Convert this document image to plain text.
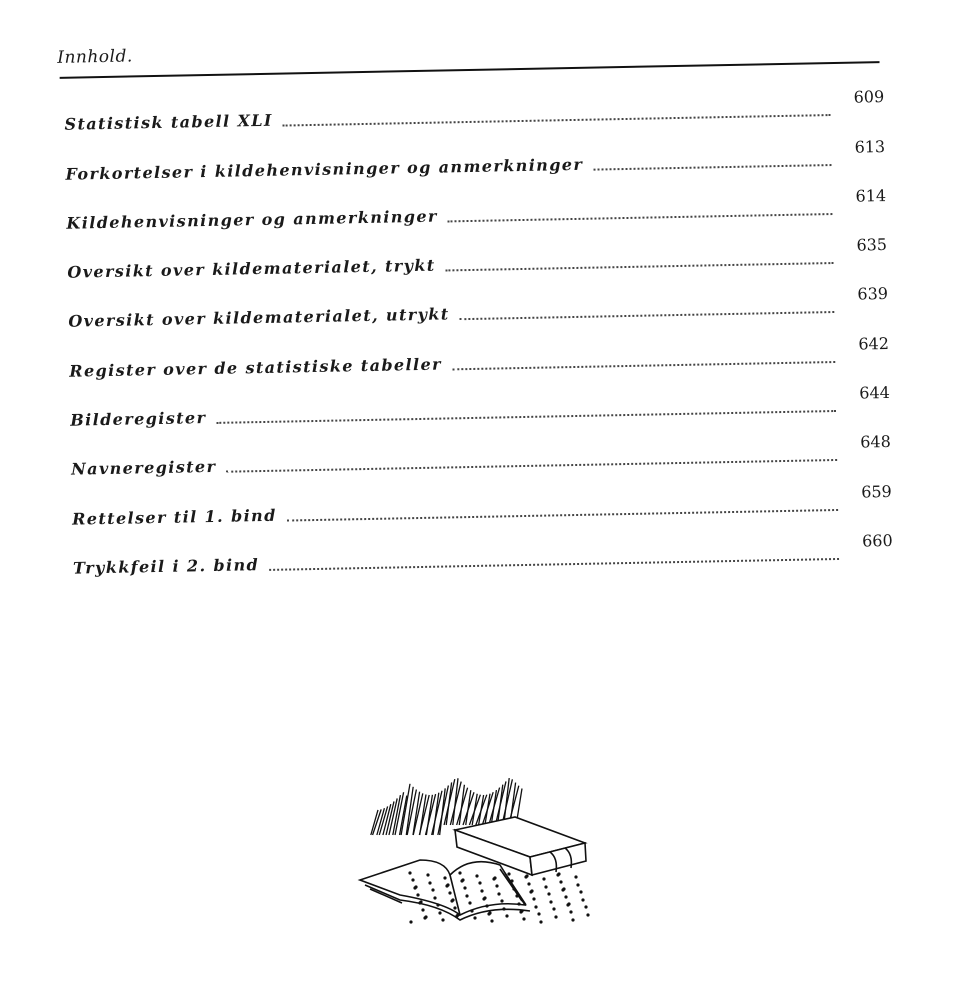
Innhold.
Statistisk tabell XLI
609
Forkortelser i kildehenvisninger og anmerkninger
613
Kildehenvisninger og anmerkninger
614
Oversikt over kildematerialet, trykt
635
Oversikt over kildematerialet, utrykt
639
Register over de statistiske tabeller
642
Bilderegister
644
Navneregister
648
Rettelser til 1. bind
659
Trykkfeil i 2. bind
660
